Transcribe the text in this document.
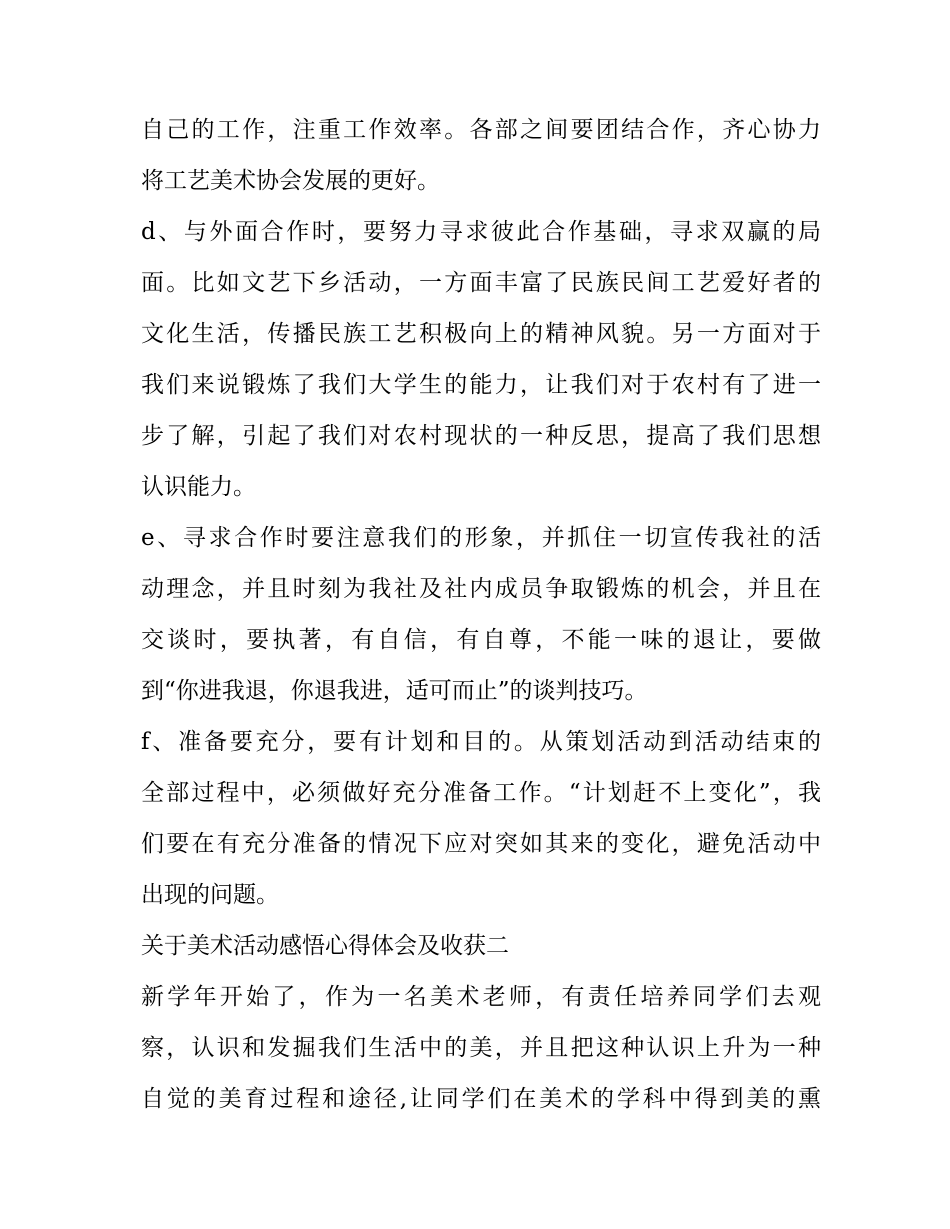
自己的工作，注重工作效率。各部之间要团结合作，齐心协力
将工艺美术协会发展的更好。
d、与外面合作时，要努力寻求彼此合作基础，寻求双赢的局
面。比如文艺下乡活动，一方面丰富了民族民间工艺爱好者的
文化生活，传播民族工艺积极向上的精神风貌。另一方面对于
我们来说锻炼了我们大学生的能力，让我们对于农村有了进一
步了解，引起了我们对农村现状的一种反思，提高了我们思想
认识能力。
e、寻求合作时要注意我们的形象，并抓住一切宣传我社的活
动理念，并且时刻为我社及社内成员争取锻炼的机会，并且在
交谈时，要执著，有自信，有自尊，不能一味的退让，要做
到“你进我退，你退我进，适可而止”的谈判技巧。
f、准备要充分，要有计划和目的。从策划活动到活动结束的
全部过程中，必须做好充分准备工作。“计划赶不上变化”，我
们要在有充分准备的情况下应对突如其来的变化，避免活动中
出现的问题。
关于美术活动感悟心得体会及收获二
新学年开始了，作为一名美术老师，有责任培养同学们去观
察，认识和发掘我们生活中的美，并且把这种认识上升为一种
自觉的美育过程和途径,让同学们在美术的学科中得到美的熏
